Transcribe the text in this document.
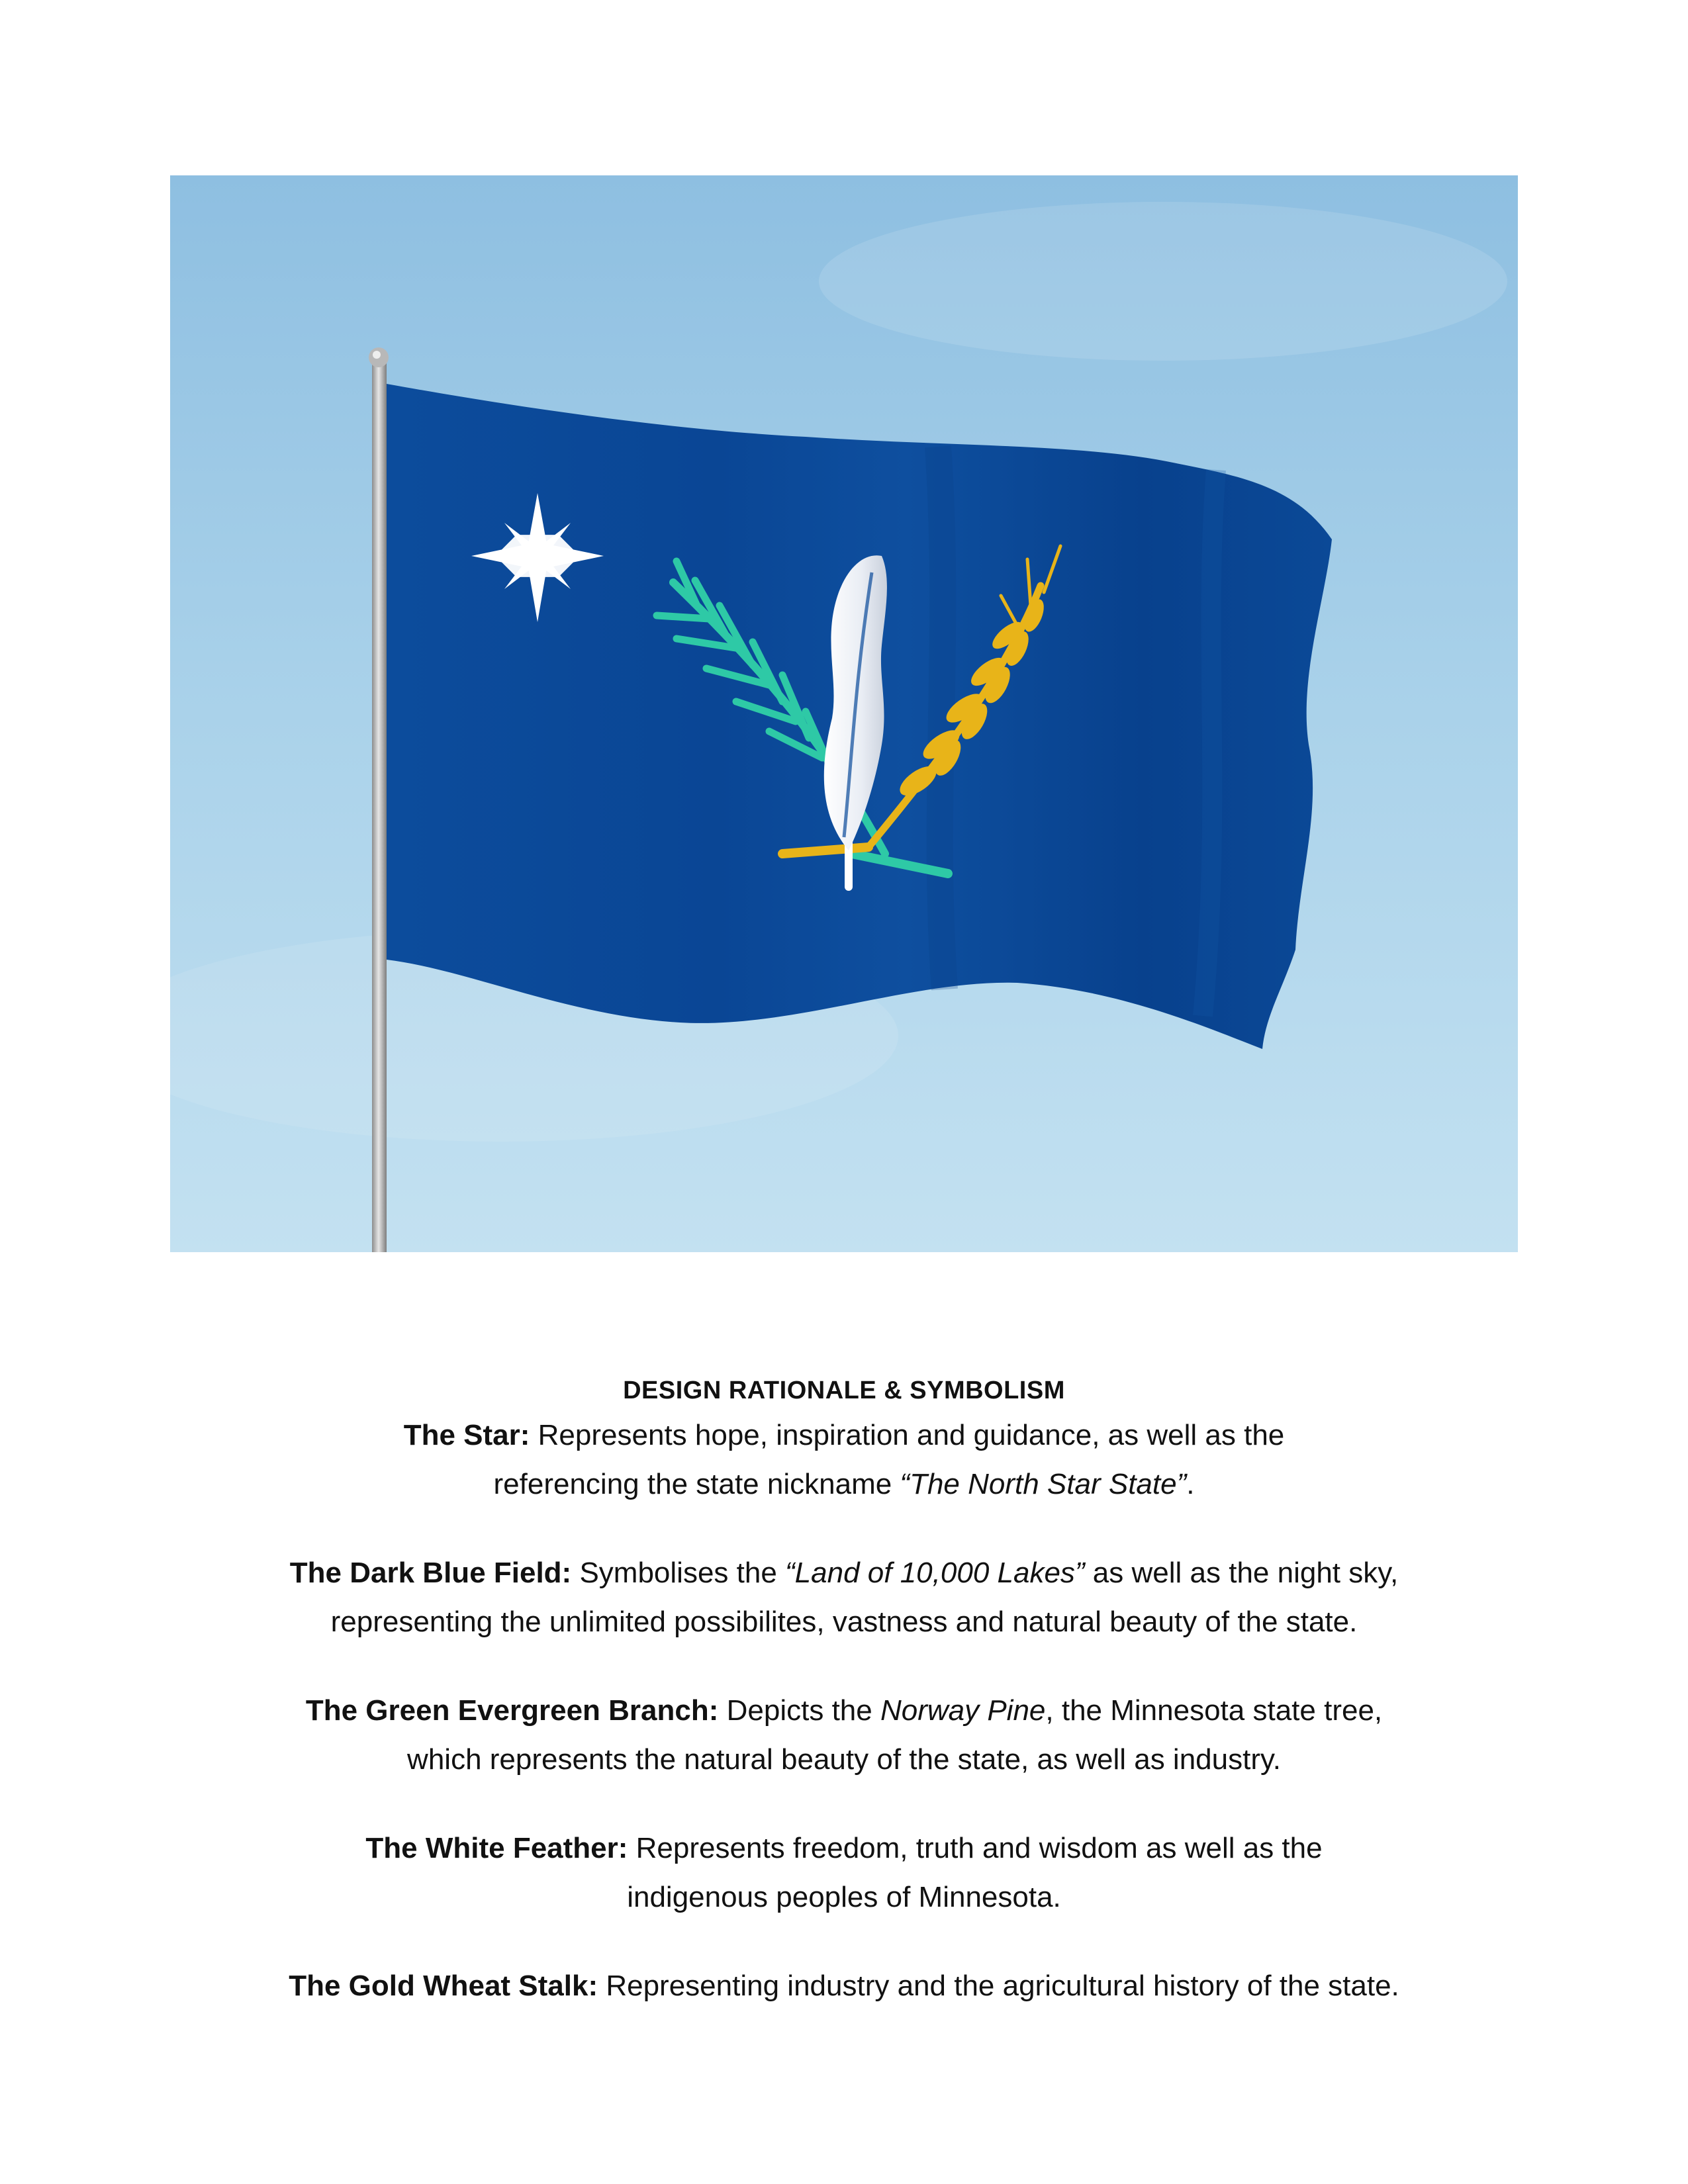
DESIGN RATIONALE & SYMBOLISM
The Star: Represents hope, inspiration and guidance, as well as the
referencing the state nickname “The North Star State”.
The Dark Blue Field: Symbolises the “Land of 10,000 Lakes” as well as the night sky,
representing the unlimited possibilites, vastness and natural beauty of the state.
The Green Evergreen Branch: Depicts the Norway Pine, the Minnesota state tree,
which represents the natural beauty of the state, as well as industry.
The White Feather: Represents freedom, truth and wisdom as well as the
indigenous peoples of Minnesota.
The Gold Wheat Stalk: Representing industry and the agricultural history of the state.
